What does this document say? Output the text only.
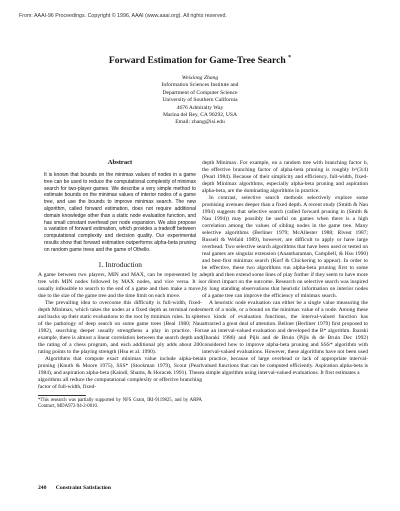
From: AAAI-96 Proceedings. Copyright © 1996, AAAI (www.aaai.org). All rights reserved.
Forward Estimation for Game-Tree Search *
Weixiong Zhang
Information Sciences Institute and
Department of Computer Science
University of Southern California
4676 Admiralty Way
Marina del Rey, CA 90292, USA
Email: zhang@isi.edu
Abstract

It is known that bounds on the minimax values of nodes in a game tree can be used to reduce the computational complexity of minimax search for two-player games. We describe a very simple method to estimate bounds on the minimax values of interior nodes of a game tree, and use the bounds to improve minimax search. The new algorithm, called forward estimation, does not require additional domain knowledge other than a static node evaluation function, and has small constant overhead per node expansion. We also propose a variation of forward estimation, which provides a tradeoff between computational complexity and decision quality. Our experimental results show that forward estimation outperforms alpha-beta pruning on random game trees and the game of Othello.

1. Introduction

A game between two players, MIN and MAX, can be represented by a tree with MIN nodes followed by MAX nodes, and vice versa. It is usually infeasible to search to the end of a game and then make a move, due to the size of the game tree and the time limit on each move.

The prevailing idea to overcome this difficulty is full-width, fixed-depth Minimax, which takes the nodes at a fixed depth as terminal nodes and backs up their static evaluations to the root by minimax rules. In spite of the pathology of deep search on some game trees (Beal 1980; Nau 1982), searching deeper usually strengthens a play in practice. For example, there is almost a linear correlation between the search depth and the rating of a chess program, and each additional ply adds about 200 rating points to the playing strength (Hsu et al. 1990).

Algorithms that compute exact minimax value include alpha-beta pruning (Knuth & Moore 1975), SSS* (Stockman 1979), Scout (Pearl 1984), and aspiration alpha-beta (Kaindl, Shams, & Horacek 1991). These algorithms all reduce the computational complexity or effective branching factor of full-width, fixed-

*This research was partially supported by NFS Grant, IRI-9119825, and by ARPA Contract, MDA972-94-2-0010.

depth Minimax. For example, on a random tree with branching factor b, the effective branching factor of alpha-beta pruning is roughly b^(3/4) (Pearl 1984). Because of their simplicity and efficiency, full-width, fixed-depth Minimax algorithms, especially alpha-beta pruning and aspiration alpha-beta, are the dominating algorithms in practice.

In contrast, selective search methods selectively explore some promising avenues deeper than a fixed depth. A recent study (Smith & Nau 1994) suggests that selective search (called forward pruning in (Smith & Nau 1994)) may possibly be useful on games when there is a high correlation among the values of sibling nodes in the game tree. Many selective algorithms (Berliner 1979; McAllester 1988; Rivest 1987; Russell & Wefald 1989), however, are difficult to apply or have large overhead. Two selective search algorithms that have been used or tested on real games are singular extension (Anantharaman, Campbell, & Hsu 1990) and best-first minimax search (Korf & Chickering to appear). In order to be effective, these two algorithms run alpha-beta pruning first to some depth and then extend some lines of play further if they seem to have more or direct impact on the outcome. Research on selective search was inspired by long standing observations that heuristic information on interior nodes of a game tree can improve the efficiency of minimax search.

A heuristic node evaluation can either be a single value measuring the merit of a node, or a bound on the minimax value of a node. Among these two kinds of evaluation functions, the interval-valued function has attracted a great deal of attention. Beliner (Berliner 1979) first proposed to use an interval-valued evaluation and developed the B* algorithm. Ibaraki (Ibaraki 1986) and Pijls and de Bruin (Pijls & de Bruin Dec 1992) considered how to improve alpha-beta pruning and SSS* algorithm with interval-valued evaluations. However, these algorithms have not been used in practice, because of large overhead or lack of appropriate interval-valued functions that can be computed efficiently. Aspiration alpha-beta is a simple algorithm using interval-valued evaluations. It first estimates a

240 Constraint Satisfaction
